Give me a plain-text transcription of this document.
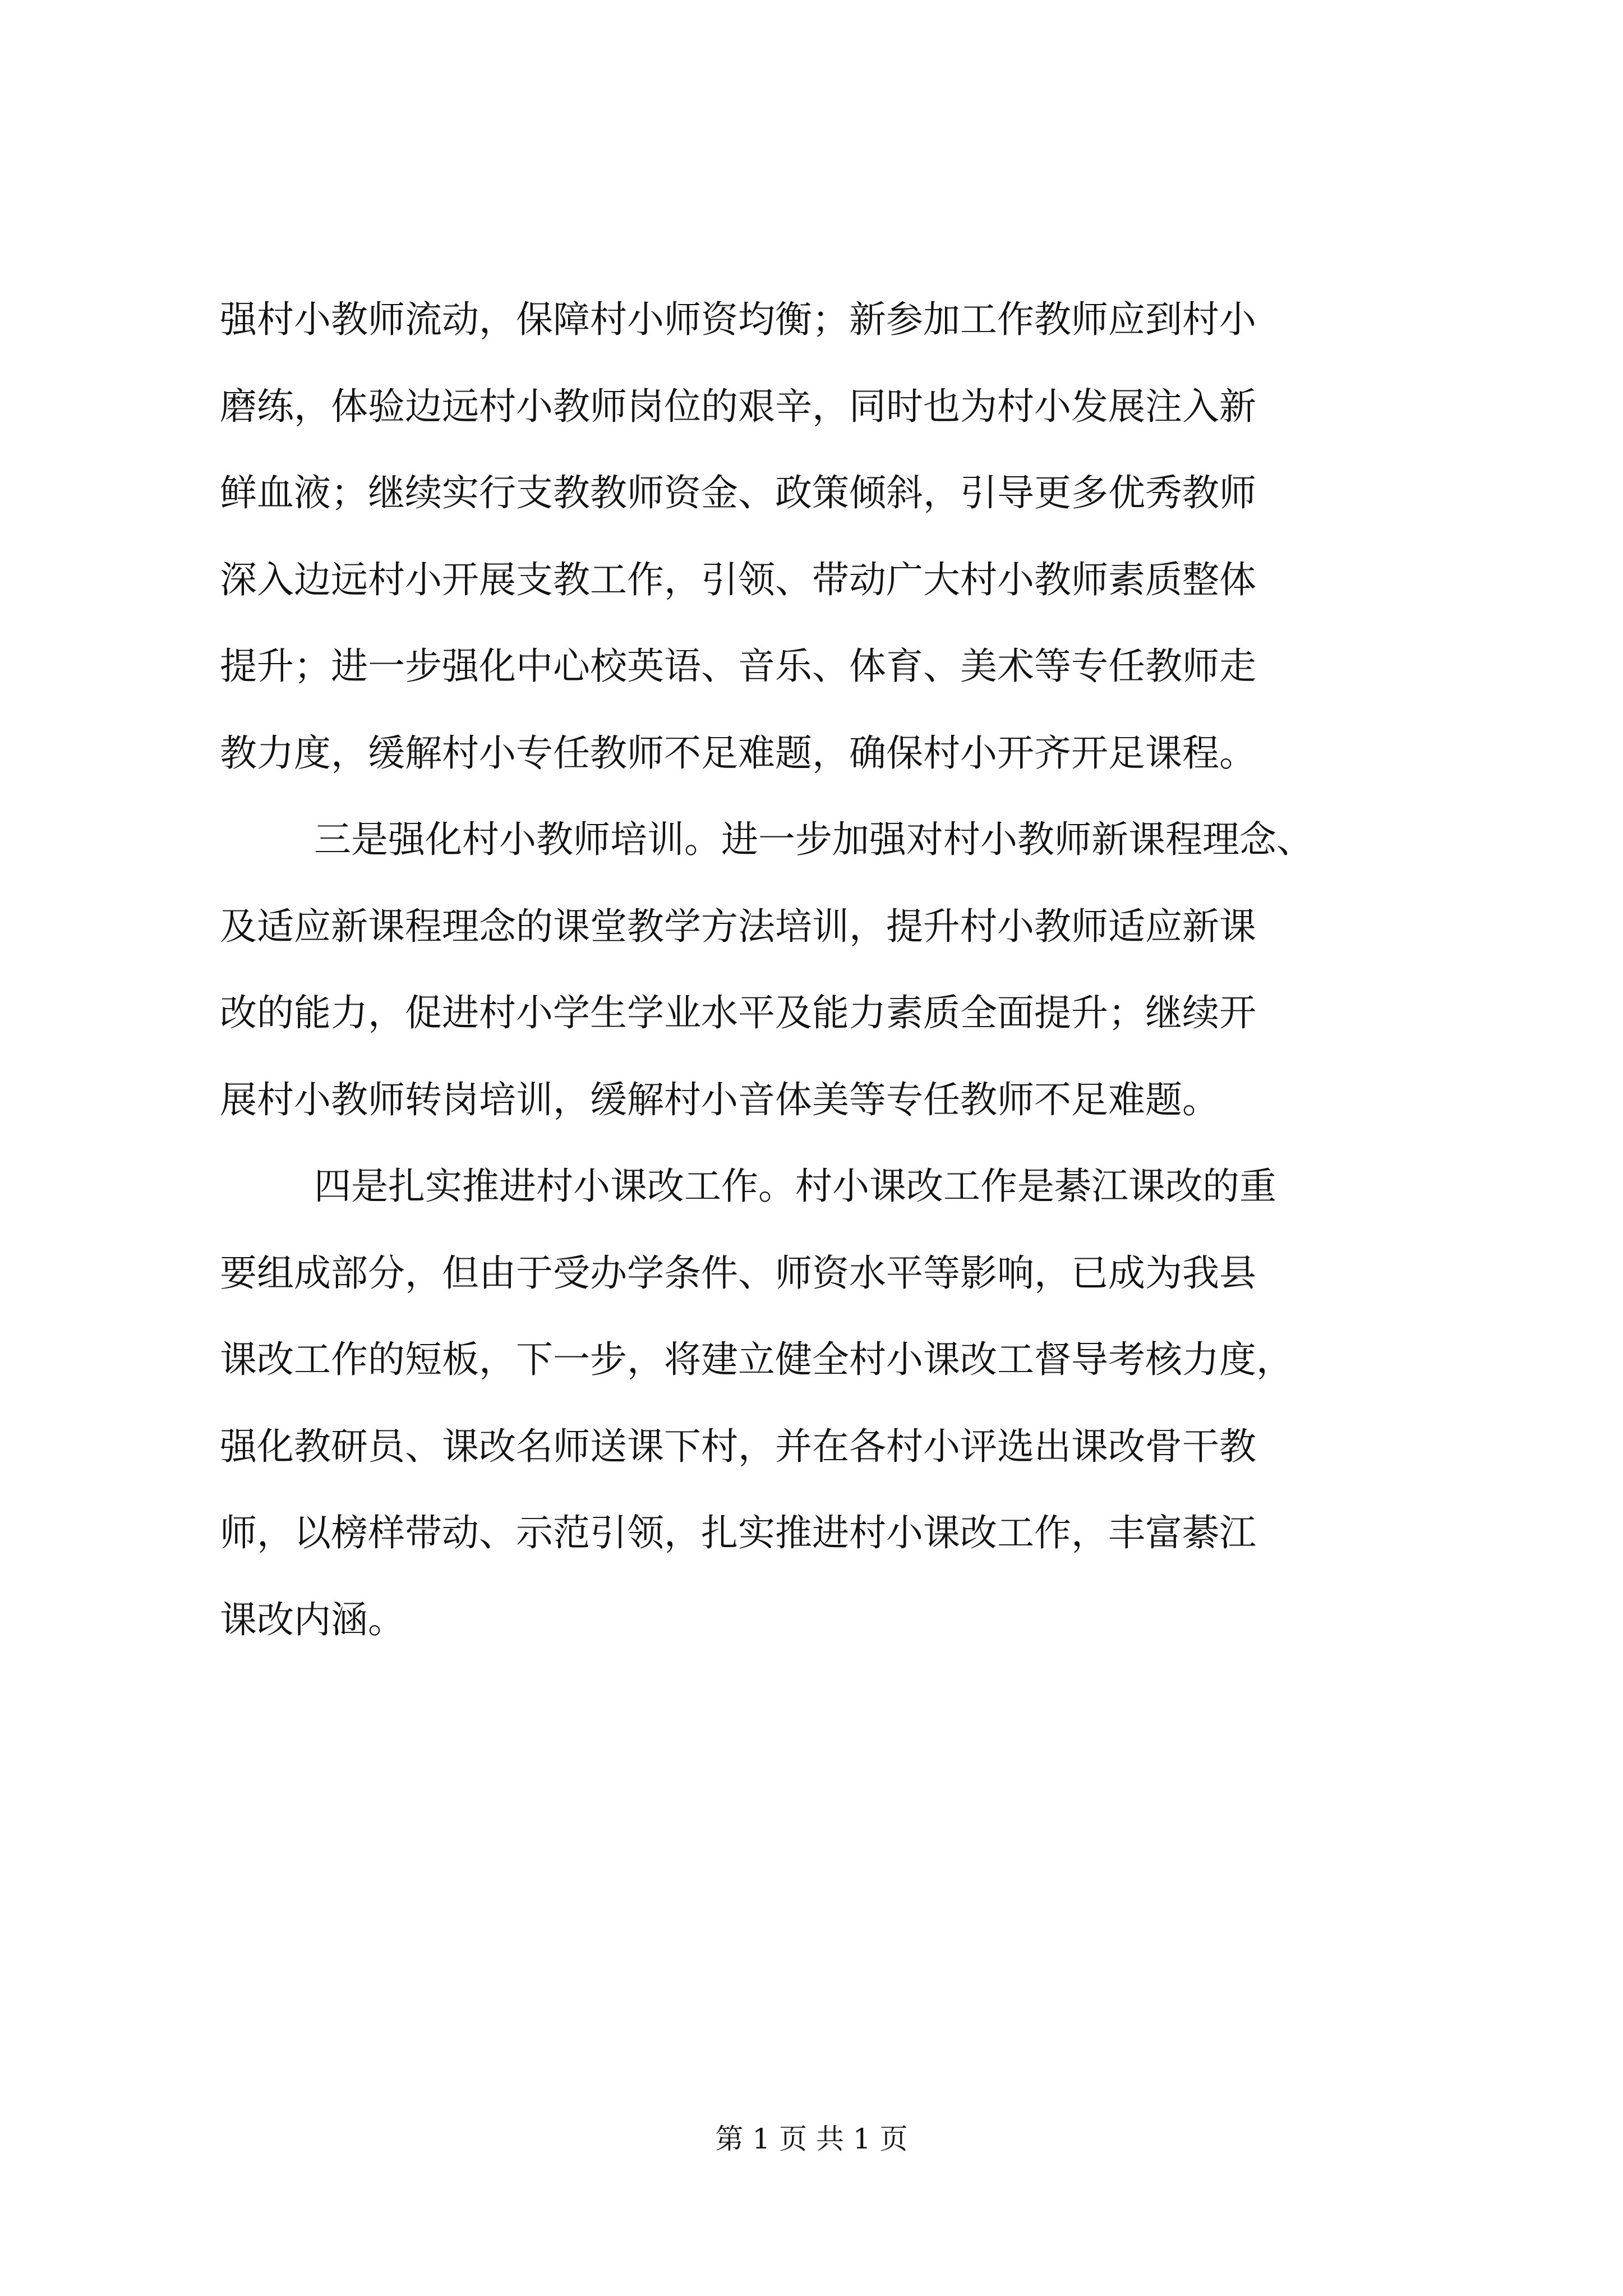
强村小教师流动，保障村小师资均衡；新参加工作教师应到村小
磨练，体验边远村小教师岗位的艰辛，同时也为村小发展注入新
鲜血液；继续实行支教教师资金、政策倾斜，引导更多优秀教师
深入边远村小开展支教工作，引领、带动广大村小教师素质整体
提升；进一步强化中心校英语、音乐、体育、美术等专任教师走
教力度，缓解村小专任教师不足难题，确保村小开齐开足课程。
三是强化村小教师培训。进一步加强对村小教师新课程理念、
及适应新课程理念的课堂教学方法培训，提升村小教师适应新课
改的能力，促进村小学生学业水平及能力素质全面提升；继续开
展村小教师转岗培训，缓解村小音体美等专任教师不足难题。
四是扎实推进村小课改工作。村小课改工作是綦江课改的重
要组成部分，但由于受办学条件、师资水平等影响，已成为我县
课改工作的短板，下一步，将建立健全村小课改工督导考核力度，
强化教研员、课改名师送课下村，并在各村小评选出课改骨干教
师，以榜样带动、示范引领，扎实推进村小课改工作，丰富綦江
课改内涵。
第 1 页 共 1 页
